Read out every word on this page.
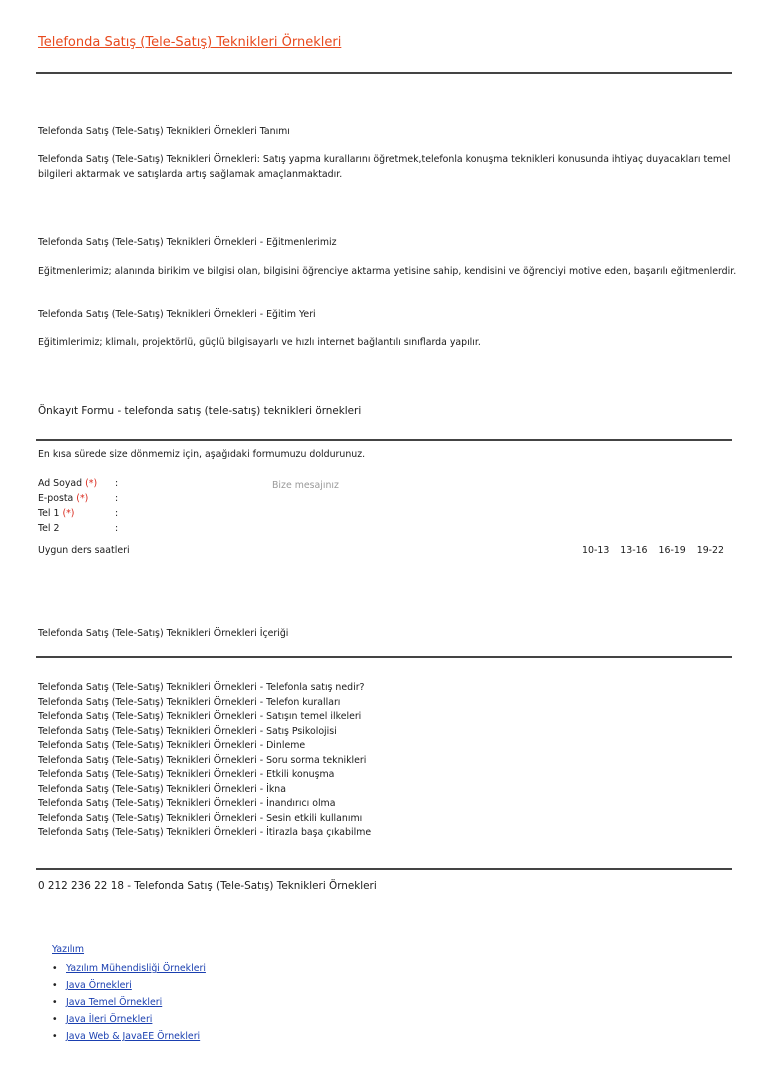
Telefonda Satış (Tele-Satış) Teknikleri Örnekleri
Telefonda Satış (Tele-Satış) Teknikleri Örnekleri Tanımı
Telefonda Satış (Tele-Satış) Teknikleri Örnekleri: Satış yapma kurallarını öğretmek,telefonla konuşma teknikleri konusunda ihtiyaç duyacakları temel bilgileri aktarmak ve satışlarda artış sağlamak amaçlanmaktadır.
Telefonda Satış (Tele-Satış) Teknikleri Örnekleri - Eğitmenlerimiz
Eğitmenlerimiz; alanında birikim ve bilgisi olan, bilgisini öğrenciye aktarma yetisine sahip, kendisini ve öğrenciyi motive eden, başarılı eğitmenlerdir.
Telefonda Satış (Tele-Satış) Teknikleri Örnekleri - Eğitim Yeri
Eğitimlerimiz; klimalı, projektörlü, güçlü bilgisayarlı ve hızlı internet bağlantılı sınıflarda yapılır.
Önkayıt Formu - telefonda satış (tele-satış) teknikleri örnekleri
En kısa sürede size dönmemiz için, aşağıdaki formumuzu doldurunuz.
Ad Soyad (*) :
E-posta (*)	:
Tel 1 (*)	:
Tel 2	:
Bize mesajınız
Uygun ders saatleri	10-13 13-16 16-19 19-22
Telefonda Satış (Tele-Satış) Teknikleri Örnekleri İçeriği
Telefonda Satış (Tele-Satış) Teknikleri Örnekleri - Telefonla satış nedir?
Telefonda Satış (Tele-Satış) Teknikleri Örnekleri - Telefon kuralları
Telefonda Satış (Tele-Satış) Teknikleri Örnekleri - Satışın temel ilkeleri
Telefonda Satış (Tele-Satış) Teknikleri Örnekleri - Satış Psikolojisi
Telefonda Satış (Tele-Satış) Teknikleri Örnekleri - Dinleme
Telefonda Satış (Tele-Satış) Teknikleri Örnekleri - Soru sorma teknikleri
Telefonda Satış (Tele-Satış) Teknikleri Örnekleri - Etkili konuşma
Telefonda Satış (Tele-Satış) Teknikleri Örnekleri - İkna
Telefonda Satış (Tele-Satış) Teknikleri Örnekleri - İnandırıcı olma
Telefonda Satış (Tele-Satış) Teknikleri Örnekleri - Sesin etkili kullanımı
Telefonda Satış (Tele-Satış) Teknikleri Örnekleri - İtirazla başa çıkabilme
0 212 236 22 18 - Telefonda Satış (Tele-Satış) Teknikleri Örnekleri
Yazılım
• Yazılım Mühendisliği Örnekleri
• Java Örnekleri
• Java Temel Örnekleri
• Java İleri Örnekleri
• Java Web & JavaEE Örnekleri
